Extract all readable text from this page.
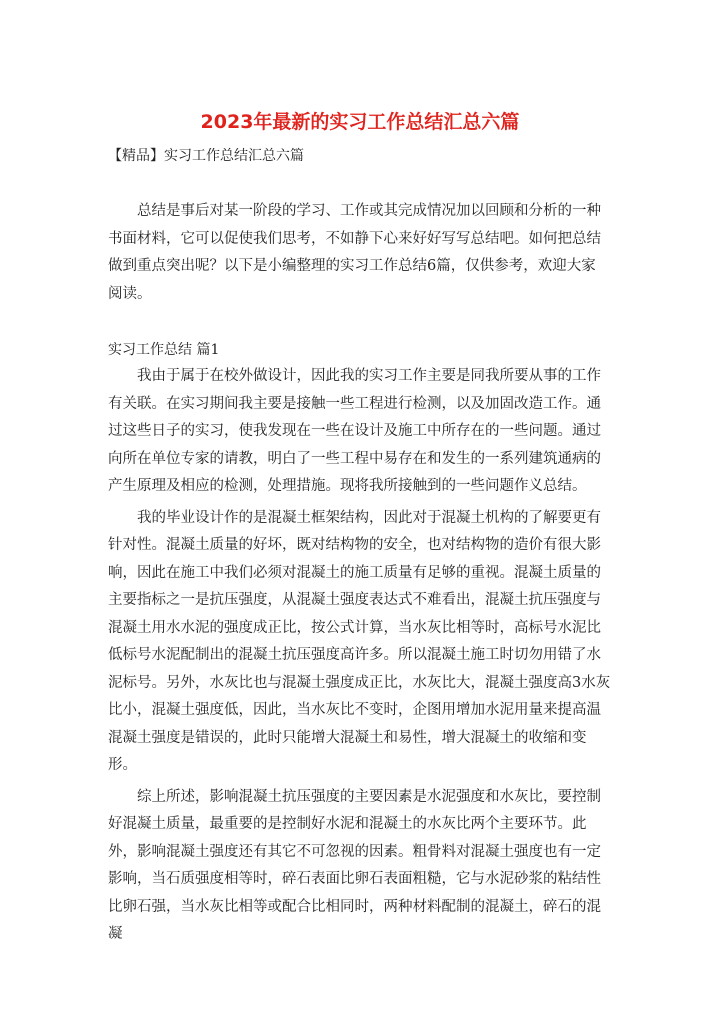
2023年最新的实习工作总结汇总六篇
【精品】实习工作总结汇总六篇

总结是事后对某一阶段的学习、工作或其完成情况加以回顾和分析的一种书面材料，它可以促使我们思考，不如静下心来好好写写总结吧。如何把总结做到重点突出呢？以下是小编整理的实习工作总结6篇，仅供参考，欢迎大家阅读。

实习工作总结 篇1

我由于属于在校外做设计，因此我的实习工作主要是同我所要从事的工作有关联。在实习期间我主要是接触一些工程进行检测，以及加固改造工作。通过这些日子的实习，使我发现在一些在设计及施工中所存在的一些问题。通过向所在单位专家的请教，明白了一些工程中易存在和发生的一系列建筑通病的产生原理及相应的检测，处理措施。现将我所接触到的一些问题作义总结。

我的毕业设计作的是混凝土框架结构，因此对于混凝土机构的了解要更有针对性。混凝土质量的好坏，既对结构物的安全，也对结构物的造价有很大影响，因此在施工中我们必须对混凝土的施工质量有足够的重视。混凝土质量的主要指标之一是抗压强度，从混凝土强度表达式不难看出，混凝土抗压强度与混凝土用水水泥的强度成正比，按公式计算，当水灰比相等时，高标号水泥比低标号水泥配制出的混凝土抗压强度高许多。所以混凝土施工时切勿用错了水泥标号。另外，水灰比也与混凝土强度成正比，水灰比大，混凝土强度高3水灰比小，混凝土强度低，因此，当水灰比不变时，企图用增加水泥用量来提高温混凝土强度是错误的，此时只能增大混凝土和易性，增大混凝土的收缩和变形。

综上所述，影响混凝土抗压强度的主要因素是水泥强度和水灰比，要控制好混凝土质量，最重要的是控制好水泥和混凝土的水灰比两个主要环节。此外，影响混凝土强度还有其它不可忽视的因素。粗骨料对混凝土强度也有一定影响，当石质强度相等时，碎石表面比卵石表面粗糙，它与水泥砂浆的粘结性比卵石强，当水灰比相等或配合比相同时，两种材料配制的混凝土，碎石的混凝
